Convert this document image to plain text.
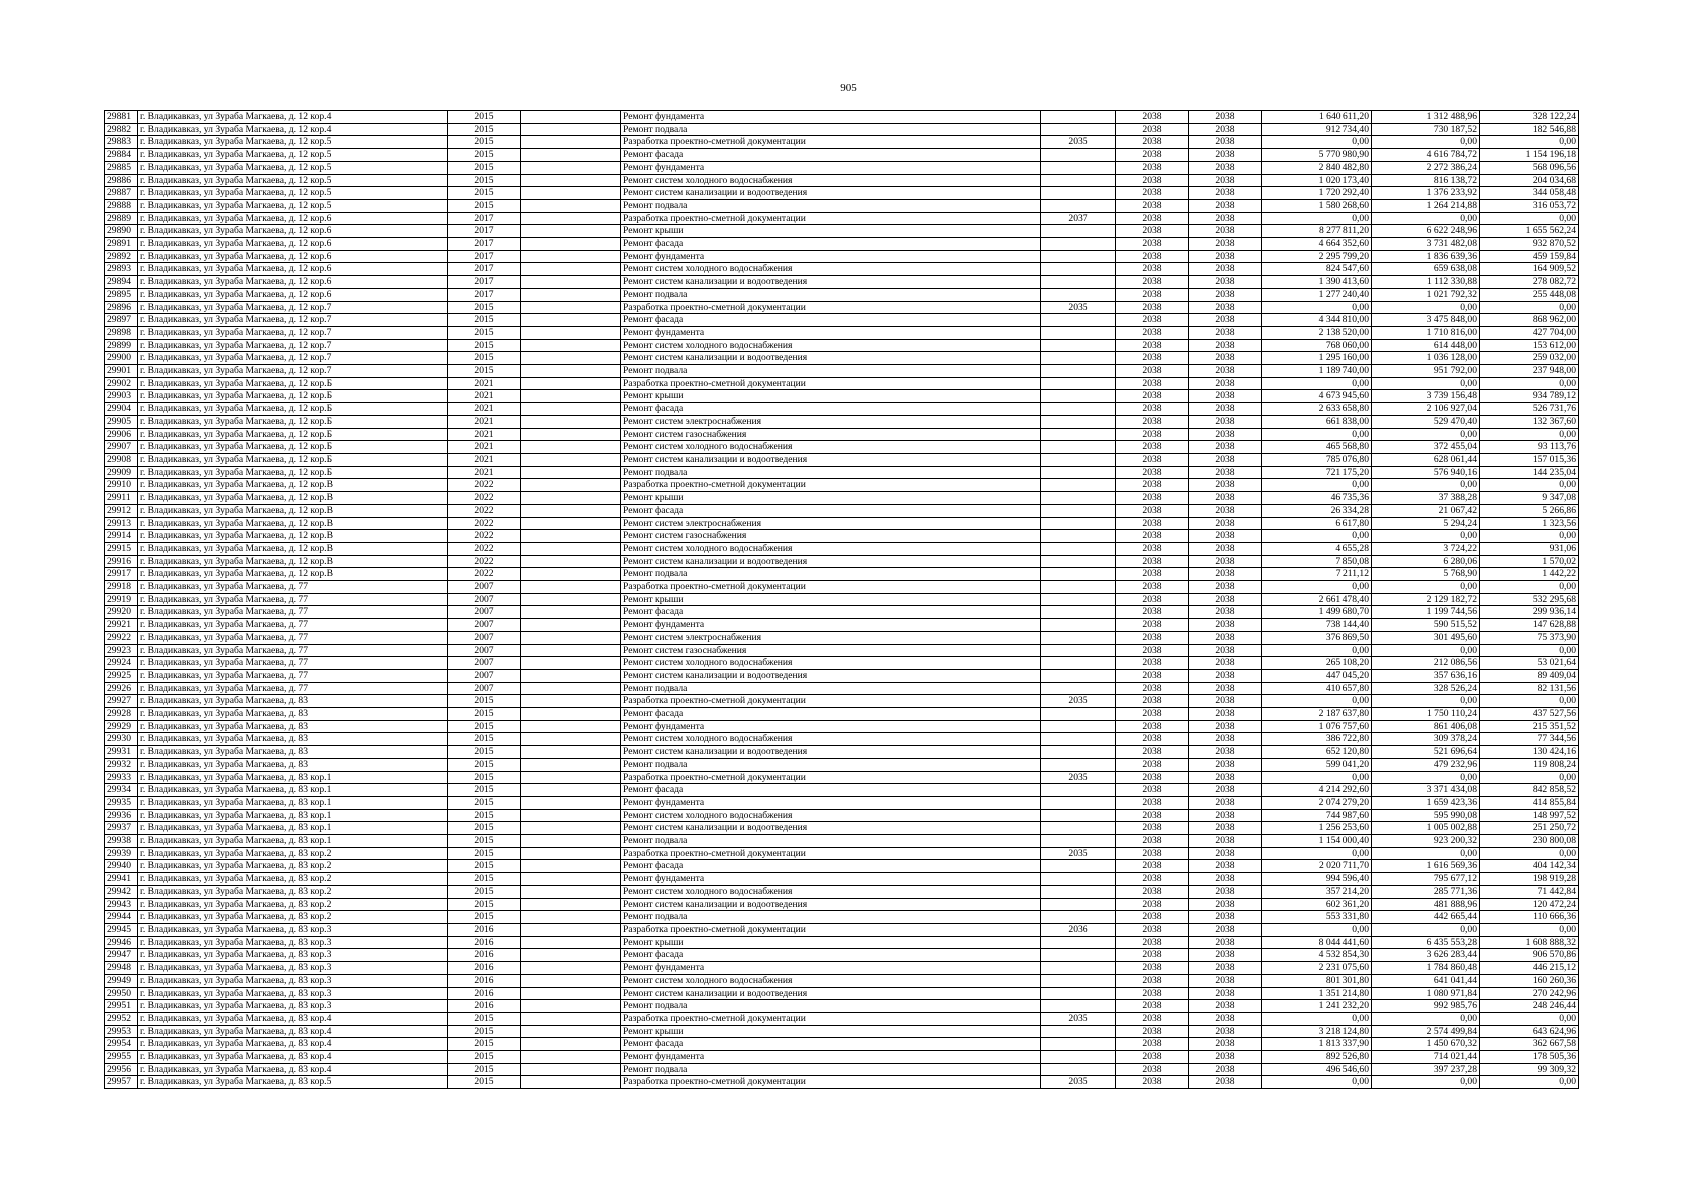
905
29881	г. Владикавказ, ул Зураба Магкаева, д. 12 кор.4	2015		Ремонт фундамента		2038	2038	1 640 611,20	1 312 488,96	328 122,24
29882	г. Владикавказ, ул Зураба Магкаева, д. 12 кор.4	2015		Ремонт подвала		2038	2038	912 734,40	730 187,52	182 546,88
29883	г. Владикавказ, ул Зураба Магкаева, д. 12 кор.5	2015		Разработка проектно-сметной документации	2035	2038	2038	0,00	0,00	0,00
29884	г. Владикавказ, ул Зураба Магкаева, д. 12 кор.5	2015		Ремонт фасада		2038	2038	5 770 980,90	4 616 784,72	1 154 196,18
29885	г. Владикавказ, ул Зураба Магкаева, д. 12 кор.5	2015		Ремонт фундамента		2038	2038	2 840 482,80	2 272 386,24	568 096,56
29886	г. Владикавказ, ул Зураба Магкаева, д. 12 кор.5	2015		Ремонт систем холодного водоснабжения		2038	2038	1 020 173,40	816 138,72	204 034,68
29887	г. Владикавказ, ул Зураба Магкаева, д. 12 кор.5	2015		Ремонт систем канализации и водоотведения		2038	2038	1 720 292,40	1 376 233,92	344 058,48
29888	г. Владикавказ, ул Зураба Магкаева, д. 12 кор.5	2015		Ремонт подвала		2038	2038	1 580 268,60	1 264 214,88	316 053,72
29889	г. Владикавказ, ул Зураба Магкаева, д. 12 кор.6	2017		Разработка проектно-сметной документации	2037	2038	2038	0,00	0,00	0,00
29890	г. Владикавказ, ул Зураба Магкаева, д. 12 кор.6	2017		Ремонт крыши		2038	2038	8 277 811,20	6 622 248,96	1 655 562,24
29891	г. Владикавказ, ул Зураба Магкаева, д. 12 кор.6	2017		Ремонт фасада		2038	2038	4 664 352,60	3 731 482,08	932 870,52
29892	г. Владикавказ, ул Зураба Магкаева, д. 12 кор.6	2017		Ремонт фундамента		2038	2038	2 295 799,20	1 836 639,36	459 159,84
29893	г. Владикавказ, ул Зураба Магкаева, д. 12 кор.6	2017		Ремонт систем холодного водоснабжения		2038	2038	824 547,60	659 638,08	164 909,52
29894	г. Владикавказ, ул Зураба Магкаева, д. 12 кор.6	2017		Ремонт систем канализации и водоотведения		2038	2038	1 390 413,60	1 112 330,88	278 082,72
29895	г. Владикавказ, ул Зураба Магкаева, д. 12 кор.6	2017		Ремонт подвала		2038	2038	1 277 240,40	1 021 792,32	255 448,08
29896	г. Владикавказ, ул Зураба Магкаева, д. 12 кор.7	2015		Разработка проектно-сметной документации	2035	2038	2038	0,00	0,00	0,00
29897	г. Владикавказ, ул Зураба Магкаева, д. 12 кор.7	2015		Ремонт фасада		2038	2038	4 344 810,00	3 475 848,00	868 962,00
29898	г. Владикавказ, ул Зураба Магкаева, д. 12 кор.7	2015		Ремонт фундамента		2038	2038	2 138 520,00	1 710 816,00	427 704,00
29899	г. Владикавказ, ул Зураба Магкаева, д. 12 кор.7	2015		Ремонт систем холодного водоснабжения		2038	2038	768 060,00	614 448,00	153 612,00
29900	г. Владикавказ, ул Зураба Магкаева, д. 12 кор.7	2015		Ремонт систем канализации и водоотведения		2038	2038	1 295 160,00	1 036 128,00	259 032,00
29901	г. Владикавказ, ул Зураба Магкаева, д. 12 кор.7	2015		Ремонт подвала		2038	2038	1 189 740,00	951 792,00	237 948,00
29902	г. Владикавказ, ул Зураба Магкаева, д. 12 кор.Б	2021		Разработка проектно-сметной документации		2038	2038	0,00	0,00	0,00
29903	г. Владикавказ, ул Зураба Магкаева, д. 12 кор.Б	2021		Ремонт крыши		2038	2038	4 673 945,60	3 739 156,48	934 789,12
29904	г. Владикавказ, ул Зураба Магкаева, д. 12 кор.Б	2021		Ремонт фасада		2038	2038	2 633 658,80	2 106 927,04	526 731,76
29905	г. Владикавказ, ул Зураба Магкаева, д. 12 кор.Б	2021		Ремонт систем электроснабжения		2038	2038	661 838,00	529 470,40	132 367,60
29906	г. Владикавказ, ул Зураба Магкаева, д. 12 кор.Б	2021		Ремонт систем газоснабжения		2038	2038	0,00	0,00	0,00
29907	г. Владикавказ, ул Зураба Магкаева, д. 12 кор.Б	2021		Ремонт систем холодного водоснабжения		2038	2038	465 568,80	372 455,04	93 113,76
29908	г. Владикавказ, ул Зураба Магкаева, д. 12 кор.Б	2021		Ремонт систем канализации и водоотведения		2038	2038	785 076,80	628 061,44	157 015,36
29909	г. Владикавказ, ул Зураба Магкаева, д. 12 кор.Б	2021		Ремонт подвала		2038	2038	721 175,20	576 940,16	144 235,04
29910	г. Владикавказ, ул Зураба Магкаева, д. 12 кор.В	2022		Разработка проектно-сметной документации		2038	2038	0,00	0,00	0,00
29911	г. Владикавказ, ул Зураба Магкаева, д. 12 кор.В	2022		Ремонт крыши		2038	2038	46 735,36	37 388,28	9 347,08
29912	г. Владикавказ, ул Зураба Магкаева, д. 12 кор.В	2022		Ремонт фасада		2038	2038	26 334,28	21 067,42	5 266,86
29913	г. Владикавказ, ул Зураба Магкаева, д. 12 кор.В	2022		Ремонт систем электроснабжения		2038	2038	6 617,80	5 294,24	1 323,56
29914	г. Владикавказ, ул Зураба Магкаева, д. 12 кор.В	2022		Ремонт систем газоснабжения		2038	2038	0,00	0,00	0,00
29915	г. Владикавказ, ул Зураба Магкаева, д. 12 кор.В	2022		Ремонт систем холодного водоснабжения		2038	2038	4 655,28	3 724,22	931,06
29916	г. Владикавказ, ул Зураба Магкаева, д. 12 кор.В	2022		Ремонт систем канализации и водоотведения		2038	2038	7 850,08	6 280,06	1 570,02
29917	г. Владикавказ, ул Зураба Магкаева, д. 12 кор.В	2022		Ремонт подвала		2038	2038	7 211,12	5 768,90	1 442,22
29918	г. Владикавказ, ул Зураба Магкаева, д. 77	2007		Разработка проектно-сметной документации		2038	2038	0,00	0,00	0,00
29919	г. Владикавказ, ул Зураба Магкаева, д. 77	2007		Ремонт крыши		2038	2038	2 661 478,40	2 129 182,72	532 295,68
29920	г. Владикавказ, ул Зураба Магкаева, д. 77	2007		Ремонт фасада		2038	2038	1 499 680,70	1 199 744,56	299 936,14
29921	г. Владикавказ, ул Зураба Магкаева, д. 77	2007		Ремонт фундамента		2038	2038	738 144,40	590 515,52	147 628,88
29922	г. Владикавказ, ул Зураба Магкаева, д. 77	2007		Ремонт систем электроснабжения		2038	2038	376 869,50	301 495,60	75 373,90
29923	г. Владикавказ, ул Зураба Магкаева, д. 77	2007		Ремонт систем газоснабжения		2038	2038	0,00	0,00	0,00
29924	г. Владикавказ, ул Зураба Магкаева, д. 77	2007		Ремонт систем холодного водоснабжения		2038	2038	265 108,20	212 086,56	53 021,64
29925	г. Владикавказ, ул Зураба Магкаева, д. 77	2007		Ремонт систем канализации и водоотведения		2038	2038	447 045,20	357 636,16	89 409,04
29926	г. Владикавказ, ул Зураба Магкаева, д. 77	2007		Ремонт подвала		2038	2038	410 657,80	328 526,24	82 131,56
29927	г. Владикавказ, ул Зураба Магкаева, д. 83	2015		Разработка проектно-сметной документации	2035	2038	2038	0,00	0,00	0,00
29928	г. Владикавказ, ул Зураба Магкаева, д. 83	2015		Ремонт фасада		2038	2038	2 187 637,80	1 750 110,24	437 527,56
29929	г. Владикавказ, ул Зураба Магкаева, д. 83	2015		Ремонт фундамента		2038	2038	1 076 757,60	861 406,08	215 351,52
29930	г. Владикавказ, ул Зураба Магкаева, д. 83	2015		Ремонт систем холодного водоснабжения		2038	2038	386 722,80	309 378,24	77 344,56
29931	г. Владикавказ, ул Зураба Магкаева, д. 83	2015		Ремонт систем канализации и водоотведения		2038	2038	652 120,80	521 696,64	130 424,16
29932	г. Владикавказ, ул Зураба Магкаева, д. 83	2015		Ремонт подвала		2038	2038	599 041,20	479 232,96	119 808,24
29933	г. Владикавказ, ул Зураба Магкаева, д. 83 кор.1	2015		Разработка проектно-сметной документации	2035	2038	2038	0,00	0,00	0,00
29934	г. Владикавказ, ул Зураба Магкаева, д. 83 кор.1	2015		Ремонт фасада		2038	2038	4 214 292,60	3 371 434,08	842 858,52
29935	г. Владикавказ, ул Зураба Магкаева, д. 83 кор.1	2015		Ремонт фундамента		2038	2038	2 074 279,20	1 659 423,36	414 855,84
29936	г. Владикавказ, ул Зураба Магкаева, д. 83 кор.1	2015		Ремонт систем холодного водоснабжения		2038	2038	744 987,60	595 990,08	148 997,52
29937	г. Владикавказ, ул Зураба Магкаева, д. 83 кор.1	2015		Ремонт систем канализации и водоотведения		2038	2038	1 256 253,60	1 005 002,88	251 250,72
29938	г. Владикавказ, ул Зураба Магкаева, д. 83 кор.1	2015		Ремонт подвала		2038	2038	1 154 000,40	923 200,32	230 800,08
29939	г. Владикавказ, ул Зураба Магкаева, д. 83 кор.2	2015		Разработка проектно-сметной документации	2035	2038	2038	0,00	0,00	0,00
29940	г. Владикавказ, ул Зураба Магкаева, д. 83 кор.2	2015		Ремонт фасада		2038	2038	2 020 711,70	1 616 569,36	404 142,34
29941	г. Владикавказ, ул Зураба Магкаева, д. 83 кор.2	2015		Ремонт фундамента		2038	2038	994 596,40	795 677,12	198 919,28
29942	г. Владикавказ, ул Зураба Магкаева, д. 83 кор.2	2015		Ремонт систем холодного водоснабжения		2038	2038	357 214,20	285 771,36	71 442,84
29943	г. Владикавказ, ул Зураба Магкаева, д. 83 кор.2	2015		Ремонт систем канализации и водоотведения		2038	2038	602 361,20	481 888,96	120 472,24
29944	г. Владикавказ, ул Зураба Магкаева, д. 83 кор.2	2015		Ремонт подвала		2038	2038	553 331,80	442 665,44	110 666,36
29945	г. Владикавказ, ул Зураба Магкаева, д. 83 кор.3	2016		Разработка проектно-сметной документации	2036	2038	2038	0,00	0,00	0,00
29946	г. Владикавказ, ул Зураба Магкаева, д. 83 кор.3	2016		Ремонт крыши		2038	2038	8 044 441,60	6 435 553,28	1 608 888,32
29947	г. Владикавказ, ул Зураба Магкаева, д. 83 кор.3	2016		Ремонт фасада		2038	2038	4 532 854,30	3 626 283,44	906 570,86
29948	г. Владикавказ, ул Зураба Магкаева, д. 83 кор.3	2016		Ремонт фундамента		2038	2038	2 231 075,60	1 784 860,48	446 215,12
29949	г. Владикавказ, ул Зураба Магкаева, д. 83 кор.3	2016		Ремонт систем холодного водоснабжения		2038	2038	801 301,80	641 041,44	160 260,36
29950	г. Владикавказ, ул Зураба Магкаева, д. 83 кор.3	2016		Ремонт систем канализации и водоотведения		2038	2038	1 351 214,80	1 080 971,84	270 242,96
29951	г. Владикавказ, ул Зураба Магкаева, д. 83 кор.3	2016		Ремонт подвала		2038	2038	1 241 232,20	992 985,76	248 246,44
29952	г. Владикавказ, ул Зураба Магкаева, д. 83 кор.4	2015		Разработка проектно-сметной документации	2035	2038	2038	0,00	0,00	0,00
29953	г. Владикавказ, ул Зураба Магкаева, д. 83 кор.4	2015		Ремонт крыши		2038	2038	3 218 124,80	2 574 499,84	643 624,96
29954	г. Владикавказ, ул Зураба Магкаева, д. 83 кор.4	2015		Ремонт фасада		2038	2038	1 813 337,90	1 450 670,32	362 667,58
29955	г. Владикавказ, ул Зураба Магкаева, д. 83 кор.4	2015		Ремонт фундамента		2038	2038	892 526,80	714 021,44	178 505,36
29956	г. Владикавказ, ул Зураба Магкаева, д. 83 кор.4	2015		Ремонт подвала		2038	2038	496 546,60	397 237,28	99 309,32
29957	г. Владикавказ, ул Зураба Магкаева, д. 83 кор.5	2015		Разработка проектно-сметной документации	2035	2038	2038	0,00	0,00	0,00
